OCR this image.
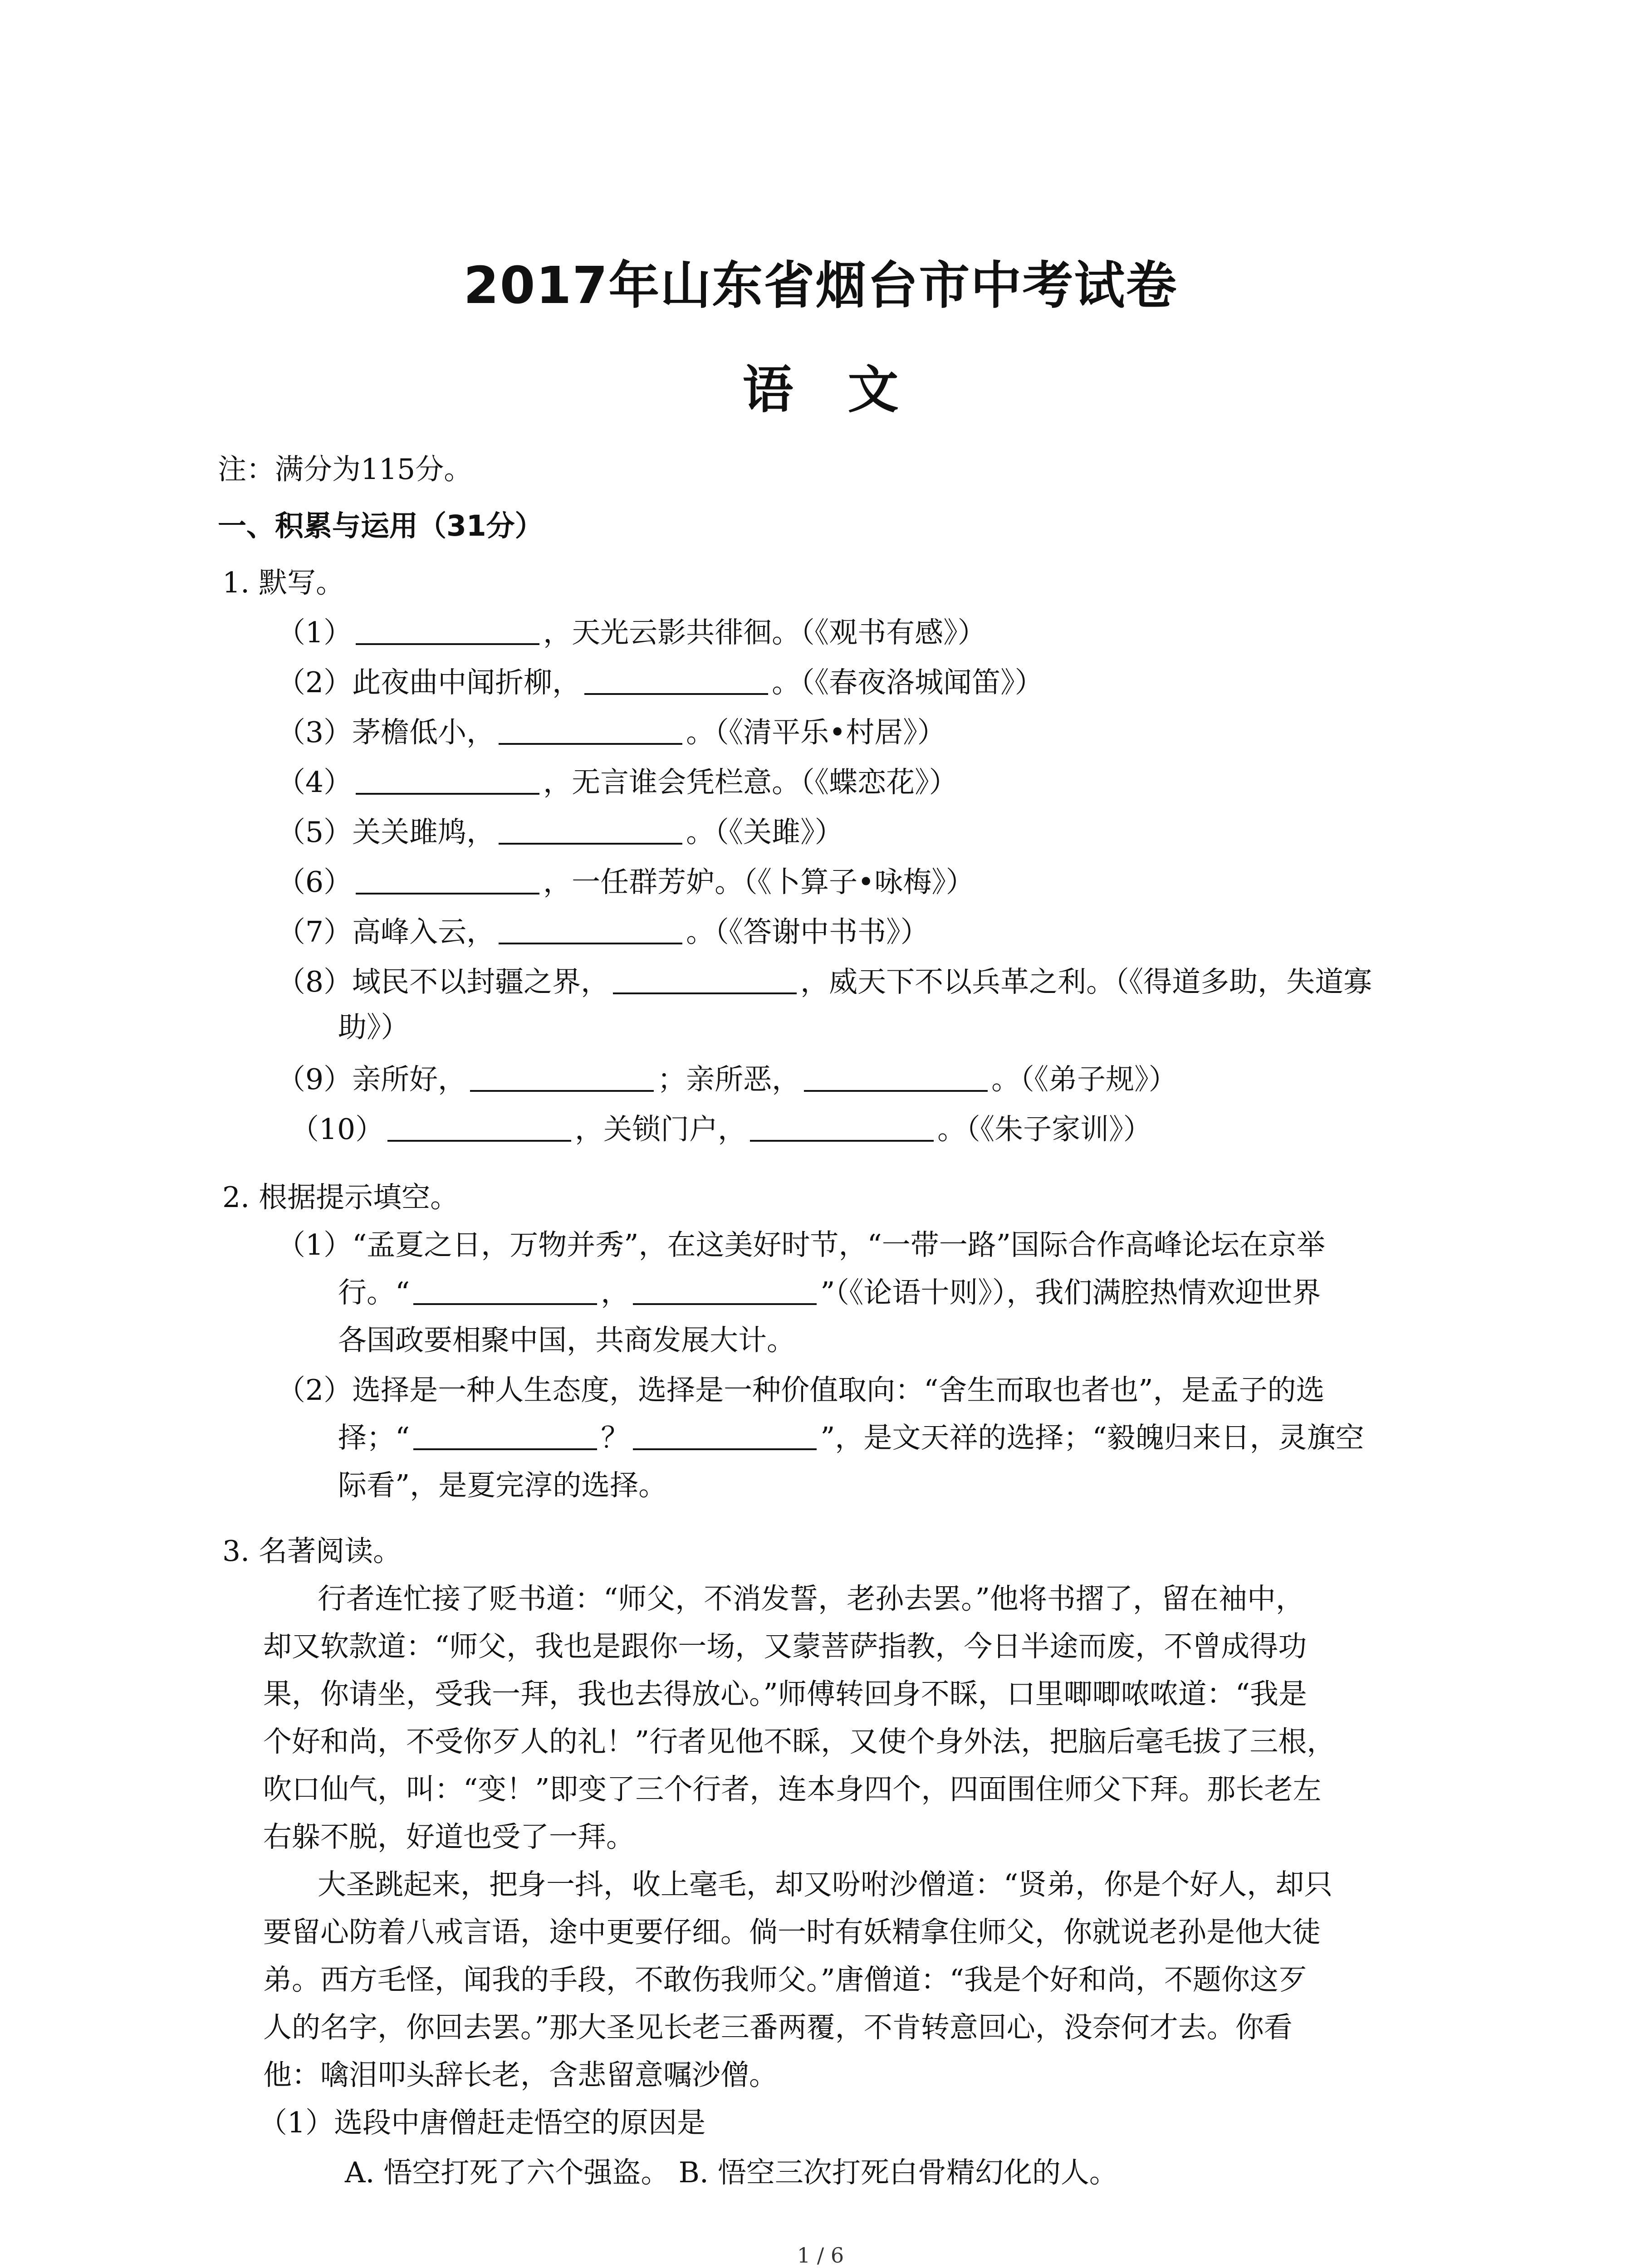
2017年山东省烟台市中考试卷
语文
注：满分为115分。
一、积累与运用（31分）
1. 默写。
（1）	，天光云影共徘徊。（《观书有感》）
（2）此夜曲中闻折柳，	。（《春夜洛城闻笛》）
（3）茅檐低小，	。（《清平乐•村居》）
（4）	，无言谁会凭栏意。（《蝶恋花》）
（5）关关雎鸠，	。（《关雎》）
（6）	，一任群芳妒。（《卜算子•咏梅》）
（7）高峰入云，	。（《答谢中书书》）
（8）域民不以封疆之界，	，威天下不以兵革之利。（《得道多助，失道寡
助》）
（9）亲所好，	；亲所恶，	。（《弟子规》）
（10）	，关锁门户，	。（《朱子家训》）
2. 根据提示填空。
（1）“孟夏之日，万物并秀”，在这美好时节，“一带一路”国际合作高峰论坛在京举
行。“	，	”（《论语十则》），我们满腔热情欢迎世界
各国政要相聚中国，共商发展大计。
（2）选择是一种人生态度，选择是一种价值取向：“舍生而取也者也”，是孟子的选
择；“	？	”，是文天祥的选择；“毅魄归来日，灵旗空
际看”，是夏完淳的选择。
3. 名著阅读。
行者连忙接了贬书道：“师父，不消发誓，老孙去罢。”他将书摺了，留在袖中，
却又软款道：“师父，我也是跟你一场，又蒙菩萨指教，今日半途而废，不曾成得功
果，你请坐，受我一拜，我也去得放心。”师傅转回身不睬，口里唧唧哝哝道：“我是
个好和尚，不受你歹人的礼！”行者见他不睬，又使个身外法，把脑后毫毛拔了三根，
吹口仙气，叫：“变！”即变了三个行者，连本身四个，四面围住师父下拜。那长老左
右躲不脱，好道也受了一拜。
大圣跳起来，把身一抖，收上毫毛，却又吩咐沙僧道：“贤弟，你是个好人，却只
要留心防着八戒言语，途中更要仔细。倘一时有妖精拿住师父，你就说老孙是他大徒
弟。西方毛怪，闻我的手段，不敢伤我师父。”唐僧道：“我是个好和尚，不题你这歹
人的名字，你回去罢。”那大圣见长老三番两覆，不肯转意回心，没奈何才去。你看
他：噙泪叩头辞长老，含悲留意嘱沙僧。
（1）选段中唐僧赶走悟空的原因是
A. 悟空打死了六个强盗。 B. 悟空三次打死白骨精幻化的人。
1 / 6
